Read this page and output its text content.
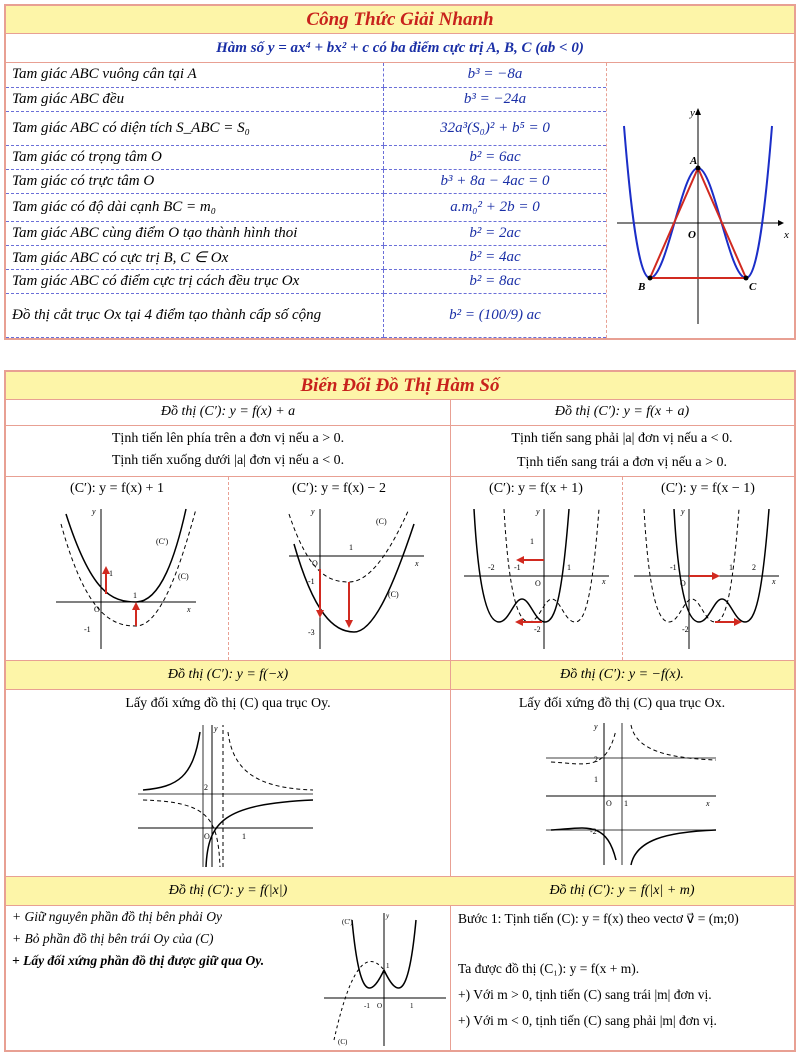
Công Thức Giải Nhanh
Hàm số y = ax⁴ + bx² + c có ba điểm cực trị A, B, C (ab < 0)
Tam giác ABC vuông cân tại A	b³ = −8a
Tam giác ABC đều	b³ = −24a
Tam giác ABC có diện tích S_ABC = S₀	32a³(S₀)² + b⁵ = 0
Tam giác có trọng tâm O	b² = 6ac
Tam giác có trực tâm O	b³ + 8a − 4ac = 0
Tam giác có độ dài cạnh BC = m₀	a.m₀² + 2b = 0
Tam giác ABC cùng điểm O tạo thành hình thoi	b² = 2ac
Tam giác ABC có cực trị B, C ∈ Ox	b² = 4ac
Tam giác ABC có điểm cực trị cách đều trục Ox	b² = 8ac
Đồ thị cắt trục Ox tại 4 điểm tạo thành cấp số cộng	b² = (100/9) ac
y
x
A
O
B	C
Biến Đổi Đồ Thị Hàm Số
Đồ thị (C′): y = f(x) + a	Đồ thị (C′): y = f(x + a)
Tịnh tiến lên phía trên a đơn vị nếu a > 0.
Tịnh tiến xuống dưới |a| đơn vị nếu a < 0.
Tịnh tiến sang phải |a| đơn vị nếu a < 0.
Tịnh tiến sang trái a đơn vị nếu a > 0.
(C′): y = f(x) + 1	(C′): y = f(x) − 2	(C′): y = f(x + 1)	(C′): y = f(x − 1)
x
y
(C')
(C)
O
-1
1
1
x
y
(C)
(C)
O
-1
-3
1
x
y
-2 -1
O
1
1
-2
x
y
-1
O
1 2
-2
Đồ thị (C′): y = f(−x)	Đồ thị (C′): y = −f(x).
Lấy đối xứng đồ thị (C) qua trục Oy.	Lấy đối xứng đồ thị (C) qua trục Ox.
y
2
O	1
y
2
1
O 1
-2
x
Đồ thị (C′): y = f(|x|)	Đồ thị (C′): y = f(|x| + m)
+ Giữ nguyên phần đồ thị bên phải Oy
+ Bỏ phần đồ thị bên trái Oy của (C)
+ Lấy đối xứng phần đồ thị được giữ qua Oy.
(C')
(C)
y
O
-1	1
1
Bước 1: Tịnh tiến (C): y = f(x) theo vectơ v⃗ = (m;0)
Ta được đồ thị (C₁): y = f(x + m).
+) Với m > 0, tịnh tiến (C) sang trái |m| đơn vị.
+) Với m < 0, tịnh tiến (C) sang phải |m| đơn vị.
